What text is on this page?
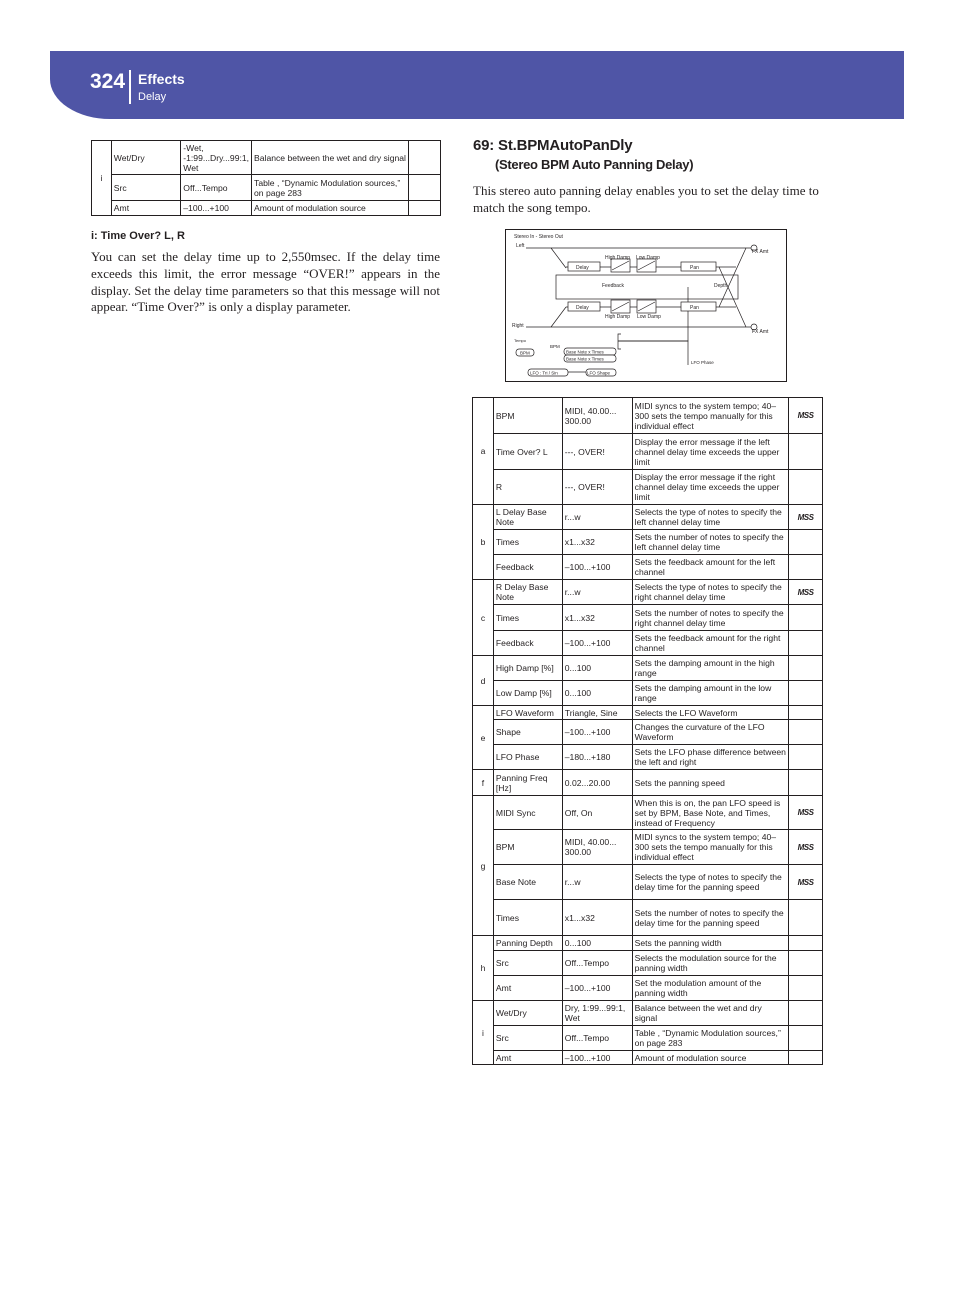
324 Effects
Delay
i	Wet/Dry	-Wet, -1:99...Dry...99:1, Wet	Balance between the wet and dry signal	
	Src	Off...Tempo	Table , “Dynamic Modulation sources,” on page 283	
	Amt	–100...+100	Amount of modulation source	
i: Time Over? L, R

You can set the delay time up to 2,550msec. If the delay time exceeds this limit, the error message “OVER!” appears in the display. Set the delay time parameters so that this message will not appear. “Time Over?” is only a display parameter.

69: St.BPMAutoPanDly
(Stereo BPM Auto Panning Delay)

This stereo auto panning delay enables you to set the delay time to match the song tempo.

Stereo In - Stereo Out
Left
Right
FX Amt
FX Amt
High Damp Low Damp
High Damp Low Damp
Delay
Delay
Pan
Pan
Feedback	Depth
Tempo
BPM
BPM
Base Note x Times
Base Note x Times
LFO Phase
LFO : Tri / Sin	LFO Shape
a	BPM	MIDI, 40.00... 300.00	MIDI syncs to the system tempo; 40–300 sets the tempo manually for this individual effect	MSS
	Time Over? L	---, OVER!	Display the error message if the left channel delay time exceeds the upper limit	
	R	---, OVER!	Display the error message if the right channel delay time exceeds the upper limit	
b	L Delay Base Note	r...w	Selects the type of notes to specify the left channel delay time	MSS
	Times	x1...x32	Sets the number of notes to specify the left channel delay time	
	Feedback	–100...+100	Sets the feedback amount for the left channel	
c	R Delay Base Note	r...w	Selects the type of notes to specify the right channel delay time	MSS
	Times	x1...x32	Sets the number of notes to specify the right channel delay time	
	Feedback	–100...+100	Sets the feedback amount for the right channel	
d	High Damp [%]	0...100	Sets the damping amount in the high range	
	Low Damp [%]	0...100	Sets the damping amount in the low range	
e	LFO Waveform	Triangle, Sine	Selects the LFO Waveform	
	Shape	–100...+100	Changes the curvature of the LFO Waveform	
	LFO Phase	–180...+180	Sets the LFO phase difference between the left and right	
f	Panning Freq [Hz]	0.02...20.00	Sets the panning speed	
g	MIDI Sync	Off, On	When this is on, the pan LFO speed is set by BPM, Base Note, and Times, instead of Frequency	MSS
	BPM	MIDI, 40.00... 300.00	MIDI syncs to the system tempo; 40–300 sets the tempo manually for this individual effect	MSS
	Base Note	r...w	Selects the type of notes to specify the delay time for the panning speed	MSS
	Times	x1...x32	Sets the number of notes to specify the delay time for the panning speed	
h	Panning Depth	0...100	Sets the panning width	
	Src	Off...Tempo	Selects the modulation source for the panning width	
	Amt	–100...+100	Set the modulation amount of the panning width	
i	Wet/Dry	Dry, 1:99...99:1, Wet	Balance between the wet and dry signal	
	Src	Off...Tempo	Table , “Dynamic Modulation sources,” on page 283	
	Amt	–100...+100	Amount of modulation source	
